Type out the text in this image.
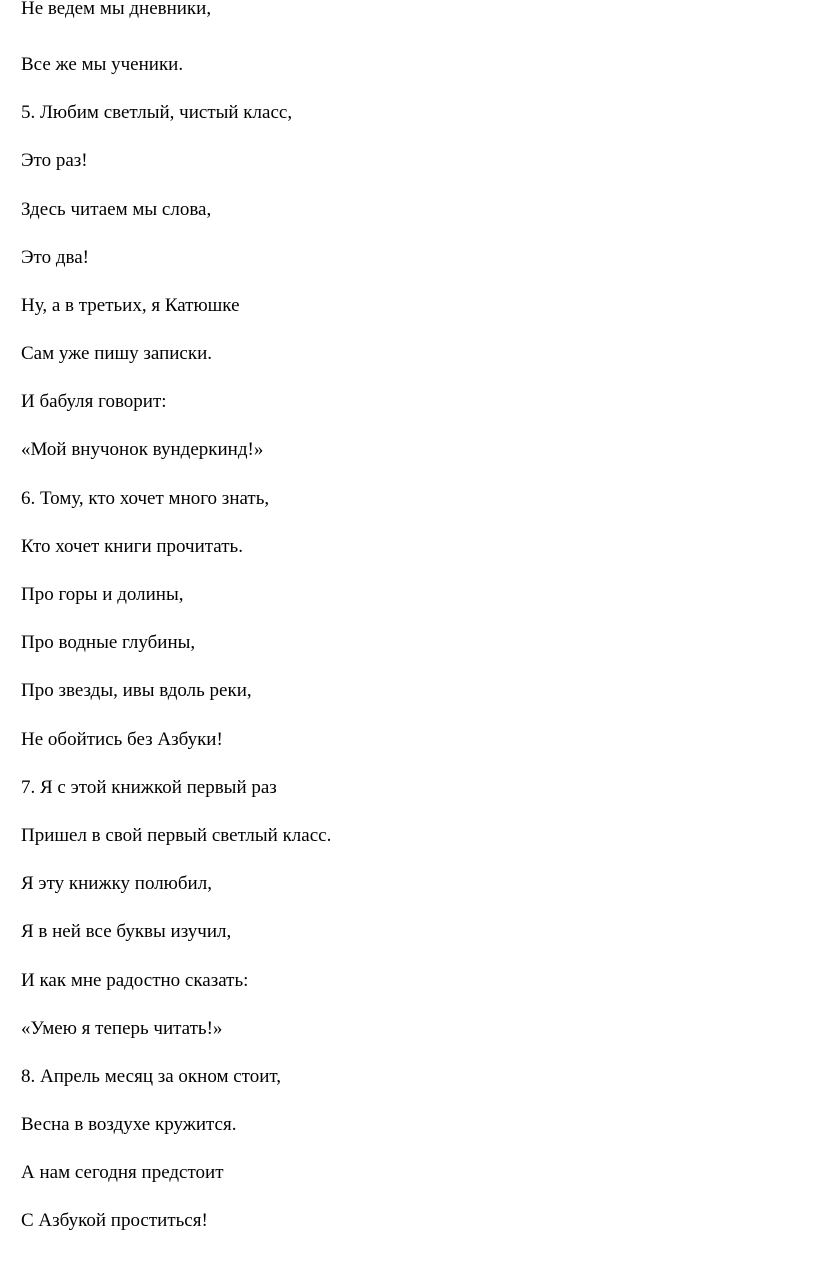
Не ведем мы дневники,

Все же мы ученики.

5. Любим светлый, чистый класс,

Это раз!

Здесь читаем мы слова,

Это два!

Ну, а в третьих, я Катюшке

Сам уже пишу записки.

И бабуля говорит:

«Мой внучонок вундеркинд!»

6. Тому, кто хочет много знать,

Кто хочет книги прочитать.

Про горы и долины,

Про водные глубины,

Про звезды, ивы вдоль реки,

Не обойтись без Азбуки!

7. Я с этой книжкой первый раз

Пришел в свой первый светлый класс.

Я эту книжку полюбил,

Я в ней все буквы изучил,

И как мне радостно сказать:

«Умею я теперь читать!»

8. Апрель месяц за окном стоит,

Весна в воздухе кружится.

А нам сегодня предстоит

С Азбукой проститься!
